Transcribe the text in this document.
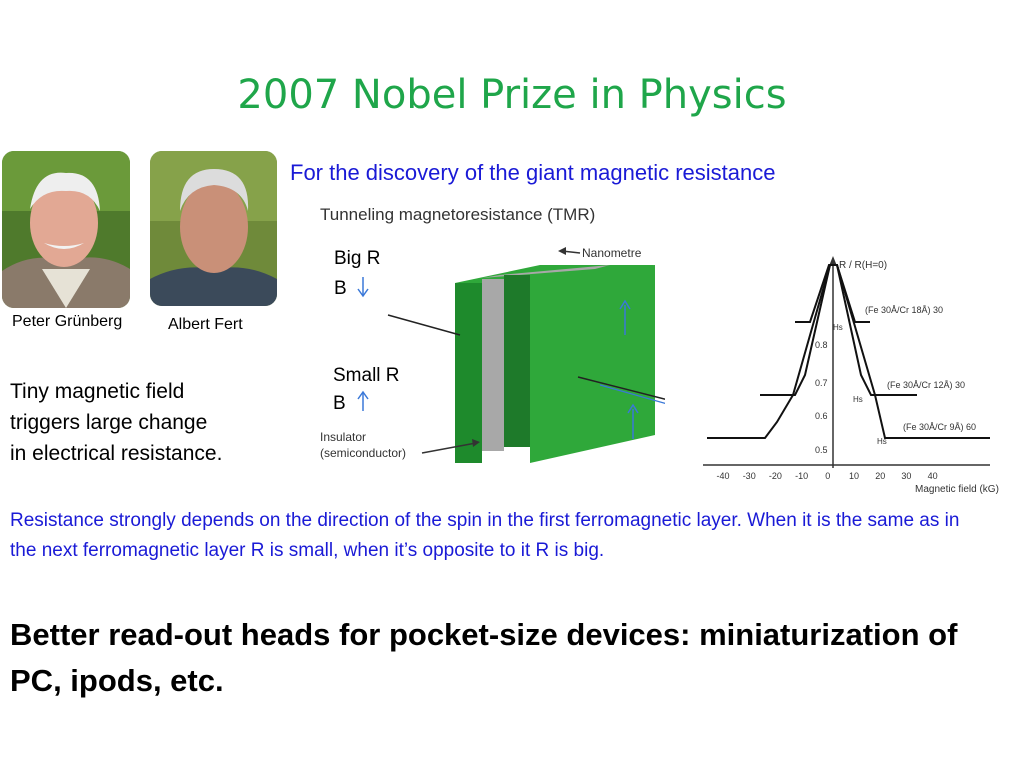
2007 Nobel Prize in Physics
For the discovery of the giant magnetic resistance
Peter Grünberg	Albert Fert
Tiny magnetic field
triggers large change
in electrical resistance.
Tunneling magnetoresistance (TMR)
Nanometre
Big R
B
Small R
B
Insulator
(semiconductor)
R / R(H=0)
0.8
0.7
0.6
0.5
-40 -30 -20 -10 0 10 20 30 40
Magnetic field (kG)
(Fe 30Å/Cr 18Å) 30
(Fe 30Å/Cr 12Å) 30
(Fe 30Å/Cr 9Å) 60
Hs
Hs
Hs
Resistance strongly depends on the direction of the spin in the first ferromagnetic layer. When it is the same as in the next ferromagnetic layer R is small, when it’s opposite to it R is big.
Better read-out heads for pocket-size devices: miniaturization of PC, ipods, etc.
